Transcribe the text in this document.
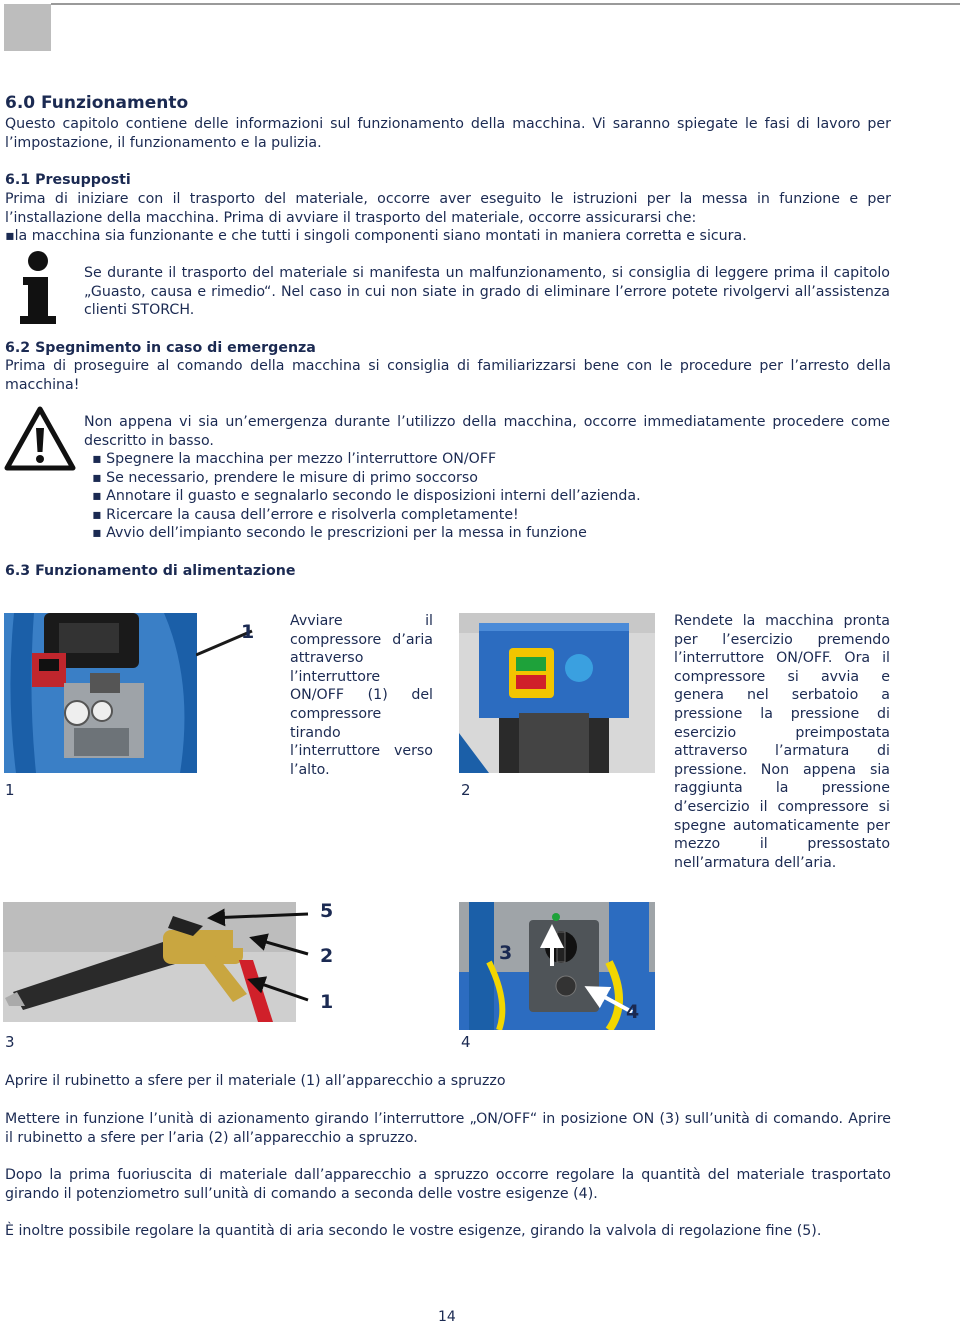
6.0 Funzionamento
Questo capitolo contiene delle informazioni sul funzionamento della macchina. Vi saranno spiegate le fasi di lavoro per l’impostazione, il funzionamento e la pulizia.
6.1 Presupposti
Prima di iniziare con il trasporto del materiale, occorre aver eseguito le istruzioni per la messa in funzione e per l’installazione della macchina. Prima di avviare il trasporto del materiale, occorre assicurarsi che:
▪la macchina sia funzionante e che tutti i singoli componenti siano montati in maniera corretta e sicura.
Se durante il trasporto del materiale si manifesta un malfunzionamento, si consiglia di leggere prima il capitolo „Guasto, causa e rimedio“. Nel caso in cui non siate in grado di eliminare l’errore potete rivolgervi all’assistenza clienti STORCH.
6.2 Spegnimento in caso di emergenza
Prima di proseguire al comando della macchina si consiglia di familiarizzarsi bene con le procedure per l’arresto della macchina!
Non appena vi sia un’emergenza durante l’utilizzo della macchina, occorre immediatamente procedere come descritto in basso.
▪ Spegnere la macchina per mezzo l’interruttore ON/OFF
▪ Se necessario, prendere le misure di primo soccorso
▪ Annotare il guasto e segnalarlo secondo le disposizioni interni dell’azienda.
▪ Ricercare la causa dell’errore e risolverla completamente!
▪ Avvio dell’impianto secondo le prescrizioni per la messa in funzione
6.3 Funzionamento di alimentazione
1
1
Avviare il compressore d’aria attraverso l’interruttore ON/OFF (1) del compressore tirando l’interruttore verso l’alto.
2
Rendete la macchina pronta per l’esercizio premendo l’interruttore ON/OFF. Ora il compressore si avvia e genera nel serbatoio a pressione la pressione di esercizio preimpostata attraverso l’armatura di pressione. Non appena sia raggiunta la pressione d’esercizio il compressore si spegne automaticamente per mezzo il pressostato nell’armatura dell’aria.
5
2
1
3
3
4
4
Aprire il rubinetto a sfere per il materiale (1) all’apparecchio a spruzzo
Mettere in funzione l’unità di azionamento girando l’interruttore „ON/OFF“ in posizione ON (3) sull’unità di comando. Aprire il rubinetto a sfere per l’aria (2) all’apparecchio a spruzzo.
Dopo la prima fuoriuscita di materiale dall’apparecchio a spruzzo occorre regolare la quantità del materiale trasportato girando il potenziometro sull’unità di comando a seconda delle vostre esigenze (4).
È inoltre possibile regolare la quantità di aria secondo le vostre esigenze, girando la valvola di regolazione fine (5).
14
